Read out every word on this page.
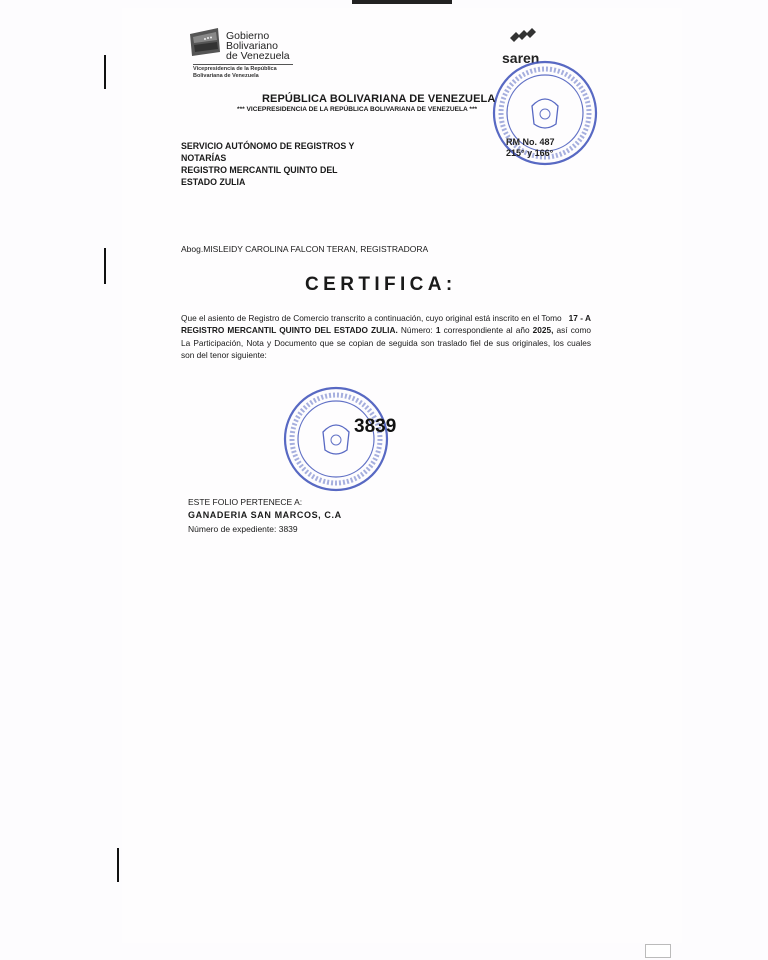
Gobierno
Bolivariano
de Venezuela
Vicepresidencia de la República
Bolivariana de Venezuela
saren
REPÚBLICA BOLIVARIANA DE VENEZUELA
*** VICEPRESIDENCIA DE LA REPÚBLICA BOLIVARIANA DE VENEZUELA ***
RM No. 487
215° y 166°
SERVICIO AUTÓNOMO DE REGISTROS Y
NOTARÍAS
REGISTRO MERCANTIL QUINTO DEL
ESTADO ZULIA
Abog.MISLEIDY CAROLINA FALCON TERAN, REGISTRADORA
CERTIFICA:
Que el asiento de Registro de Comercio transcrito a continuación, cuyo original está inscrito en el Tomo 17 - A REGISTRO MERCANTIL QUINTO DEL ESTADO ZULIA. Número: 1 correspondiente al año 2025, así como La Participación, Nota y Documento que se copian de seguida son traslado fiel de sus originales, los cuales son del tenor siguiente:
3839
ESTE FOLIO PERTENECE A:
GANADERIA SAN MARCOS, C.A
Número de expediente: 3839
